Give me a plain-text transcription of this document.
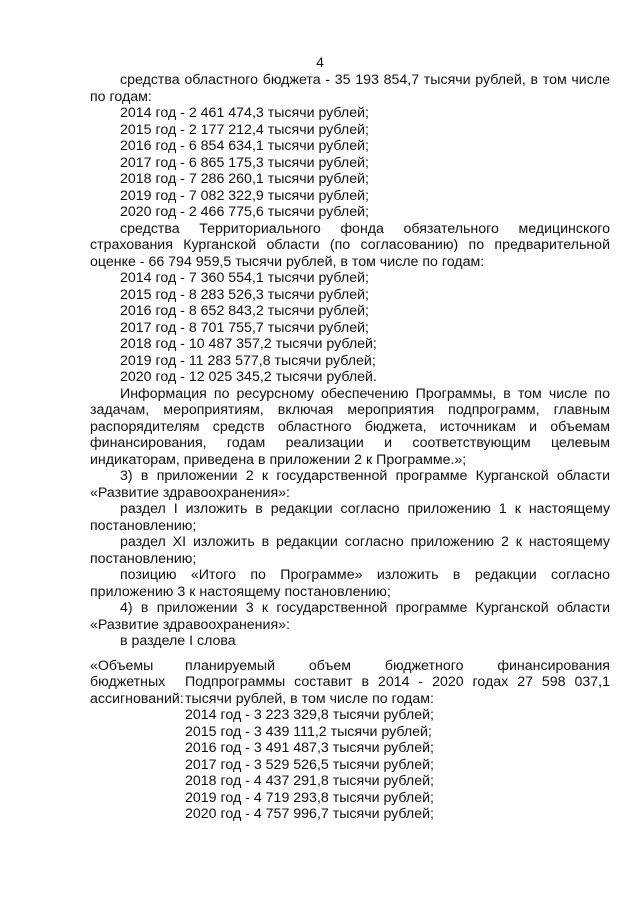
4
средства областного бюджета - 35 193 854,7 тысячи рублей, в том числе по годам:
2014 год - 2 461 474,3 тысячи рублей;
2015 год - 2 177 212,4 тысячи рублей;
2016 год - 6 854 634,1 тысячи рублей;
2017 год - 6 865 175,3 тысячи рублей;
2018 год - 7 286 260,1 тысячи рублей;
2019 год - 7 082 322,9 тысячи рублей;
2020 год - 2 466 775,6 тысячи рублей;
средства Территориального фонда обязательного медицинского страхования Курганской области (по согласованию) по предварительной оценке - 66 794 959,5 тысячи рублей, в том числе по годам:
2014 год - 7 360 554,1 тысячи рублей;
2015 год - 8 283 526,3 тысячи рублей;
2016 год - 8 652 843,2 тысячи рублей;
2017 год - 8 701 755,7 тысячи рублей;
2018 год - 10 487 357,2 тысячи рублей;
2019 год - 11 283 577,8 тысячи рублей;
2020 год - 12 025 345,2 тысячи рублей.
Информация по ресурсному обеспечению Программы, в том числе по задачам, мероприятиям, включая мероприятия подпрограмм, главным распорядителям средств областного бюджета, источникам и объемам финансирования, годам реализации и соответствующим целевым индикаторам, приведена в приложении 2 к Программе.»;
3) в приложении 2 к государственной программе Курганской области «Развитие здравоохранения»:
раздел I изложить в редакции согласно приложению 1 к настоящему постановлению;
раздел XI изложить в редакции согласно приложению 2 к настоящему постановлению;
позицию «Итого по Программе» изложить в редакции согласно приложению 3 к настоящему постановлению;
4) в приложении 3 к государственной программе Курганской области «Развитие здравоохранения»:
в разделе I слова
«Объемы
бюджетных
ассигнований:
планируемый объем бюджетного финансирования Подпрограммы составит в 2014 - 2020 годах 27 598 037,1 тысячи рублей, в том числе по годам:
2014 год - 3 223 329,8 тысячи рублей;
2015 год - 3 439 111,2 тысячи рублей;
2016 год - 3 491 487,3 тысячи рублей;
2017 год - 3 529 526,5 тысячи рублей;
2018 год - 4 437 291,8 тысячи рублей;
2019 год - 4 719 293,8 тысячи рублей;
2020 год - 4 757 996,7 тысячи рублей;
